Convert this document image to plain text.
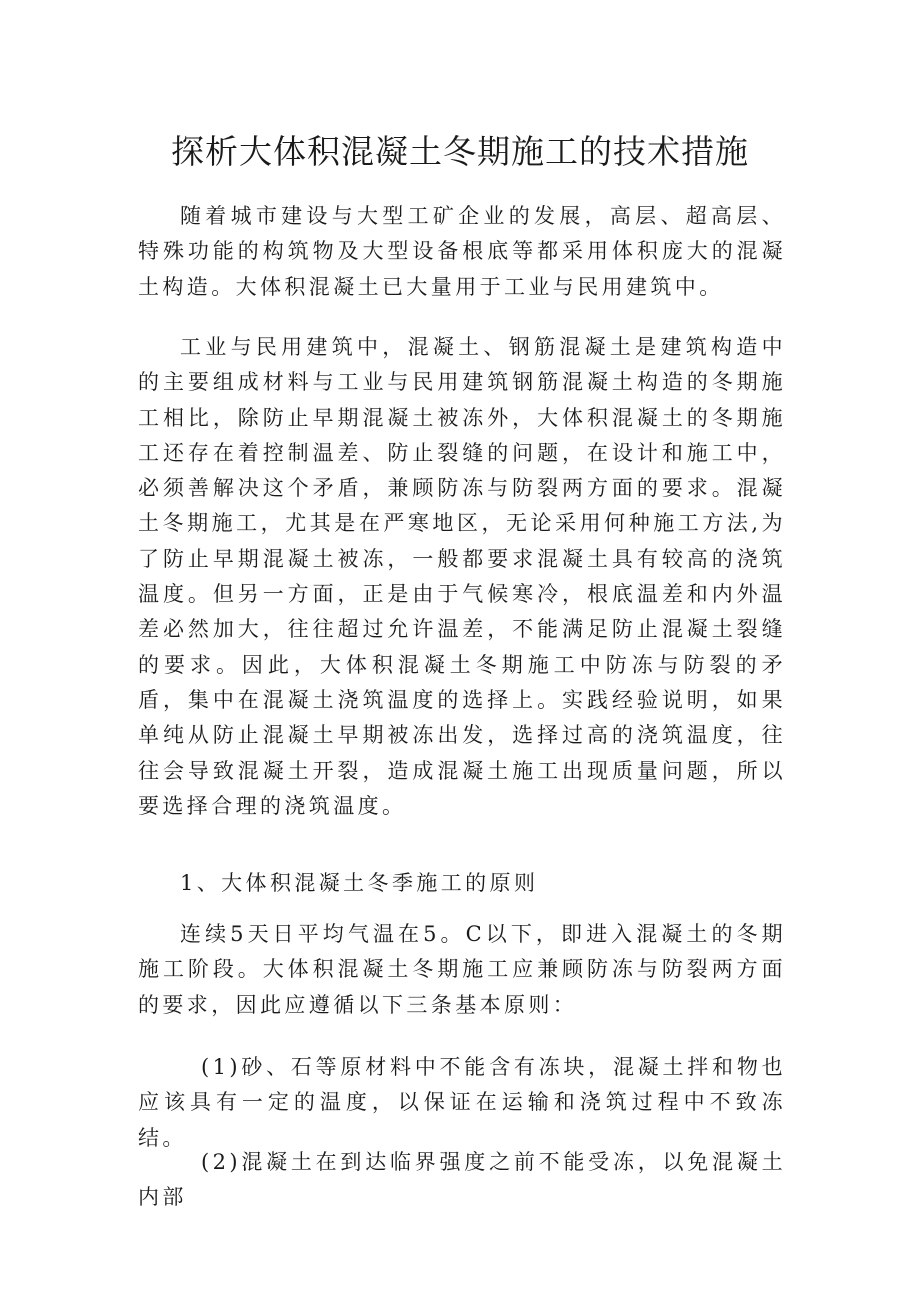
探析大体积混凝土冬期施工的技术措施

随着城市建设与大型工矿企业的发展，高层、超高层、特殊功能的构筑物及大型设备根底等都采用体积庞大的混凝土构造。大体积混凝土已大量用于工业与民用建筑中。

工业与民用建筑中，混凝土、钢筋混凝土是建筑构造中的主要组成材料与工业与民用建筑钢筋混凝土构造的冬期施工相比，除防止早期混凝土被冻外，大体积混凝土的冬期施工还存在着控制温差、防止裂缝的问题，在设计和施工中，必须善解决这个矛盾，兼顾防冻与防裂两方面的要求。混凝土冬期施工，尤其是在严寒地区，无论采用何种施工方法,为了防止早期混凝土被冻，一般都要求混凝土具有较高的浇筑温度。但另一方面，正是由于气候寒冷，根底温差和内外温差必然加大，往往超过允许温差，不能满足防止混凝土裂缝的要求。因此，大体积混凝土冬期施工中防冻与防裂的矛盾，集中在混凝土浇筑温度的选择上。实践经验说明，如果单纯从防止混凝土早期被冻出发，选择过高的浇筑温度，往往会导致混凝土开裂，造成混凝土施工出现质量问题，所以要选择合理的浇筑温度。

1、大体积混凝土冬季施工的原则

连续5天日平均气温在5。C以下，即进入混凝土的冬期施工阶段。大体积混凝土冬期施工应兼顾防冻与防裂两方面的要求，因此应遵循以下三条基本原则：

(1)砂、石等原材料中不能含有冻块，混凝土拌和物也应该具有一定的温度，以保证在运输和浇筑过程中不致冻结。

(2)混凝土在到达临界强度之前不能受冻，以免混凝土内部
